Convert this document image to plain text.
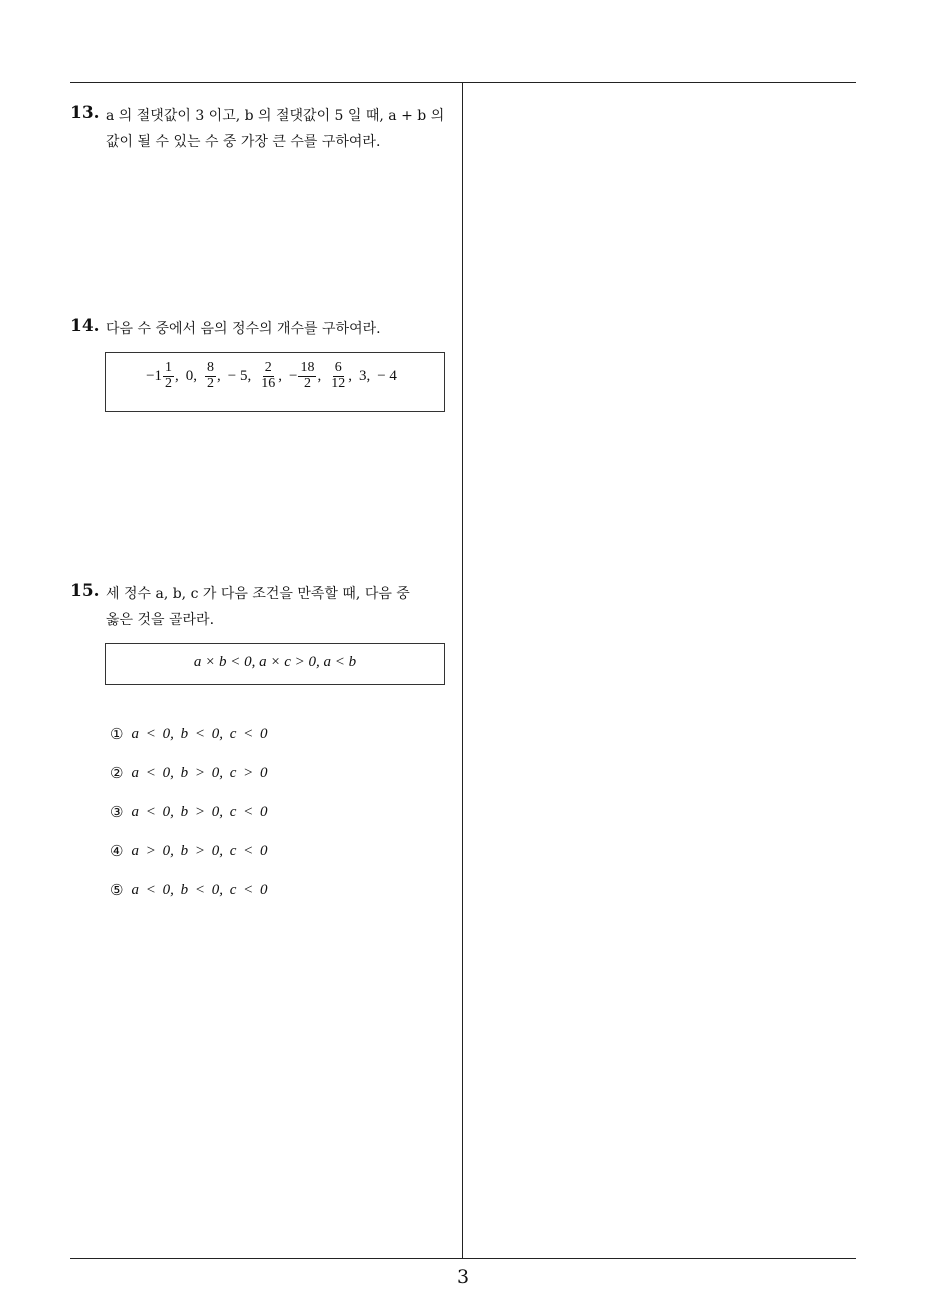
13. a 의 절댓값이 3 이고, b 의 절댓값이 5 일 때, a + b 의
값이 될 수 있는 수 중 가장 큰 수를 구하여라.
14. 다음 수 중에서 음의 정수의 개수를 구하여라.
$-1 \frac{1}{2}$ , 0, $\frac{8}{2}$ , − 5, $\frac{2}{16}$ , − $\frac{18}{2}$ , $\frac{6}{12}$ , 3, − 4
15. 세 정수 a, b, c 가 다음 조건을 만족할 때, 다음 중
옳은 것을 골라라.
a × b < 0, a × c > 0, a < b
① a < 0, b < 0, c < 0
② a < 0, b > 0, c > 0
③ a < 0, b > 0, c < 0
④ a > 0, b > 0, c < 0
⑤ a < 0, b < 0, c < 0
3
